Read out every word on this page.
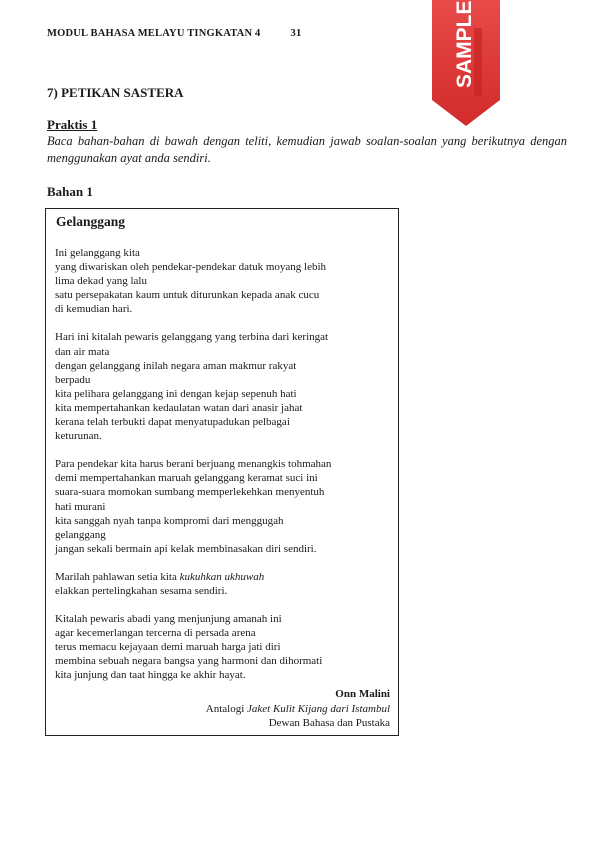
MODUL BAHASA MELAYU TINGKATAN 4	31
7) PETIKAN SASTERA
Praktis 1
Baca bahan-bahan di bawah dengan teliti, kemudian jawab soalan-soalan yang berikutnya dengan menggunakan ayat anda sendiri.
Bahan 1
Gelanggang
Ini gelanggang kita
yang diwariskan oleh pendekar-pendekar datuk moyang lebih
lima dekad yang lalu
satu persepakatan kaum untuk diturunkan kepada anak cucu
di kemudian hari.
Hari ini kitalah pewaris gelanggang yang terbina dari keringat
dan air mata
dengan gelanggang inilah negara aman makmur rakyat
berpadu
kita pelihara gelanggang ini dengan kejap sepenuh hati
kita mempertahankan kedaulatan watan dari anasir jahat
kerana telah terbukti dapat menyatupadukan pelbagai
keturunan.
Para pendekar kita harus berani berjuang menangkis tohmahan
demi mempertahankan maruah gelanggang keramat suci ini
suara-suara momokan sumbang memperlekehkan menyentuh
hati murani
kita sanggah nyah tanpa kompromi dari menggugah
gelanggang
jangan sekali bermain api kelak membinasakan diri sendiri.
Marilah pahlawan setia kita kukuhkan ukhuwah
elakkan pertelingkahan sesama sendiri.
Kitalah pewaris abadi yang menjunjung amanah ini
agar kecemerlangan tercerna di persada arena
terus memacu kejayaan demi maruah harga jati diri
membina sebuah negara bangsa yang harmoni dan dihormati
kita junjung dan taat hingga ke akhir hayat.
Onn Malini
Antalogi Jaket Kulit Kijang dari Istambul
Dewan Bahasa dan Pustaka
SAMPLE
